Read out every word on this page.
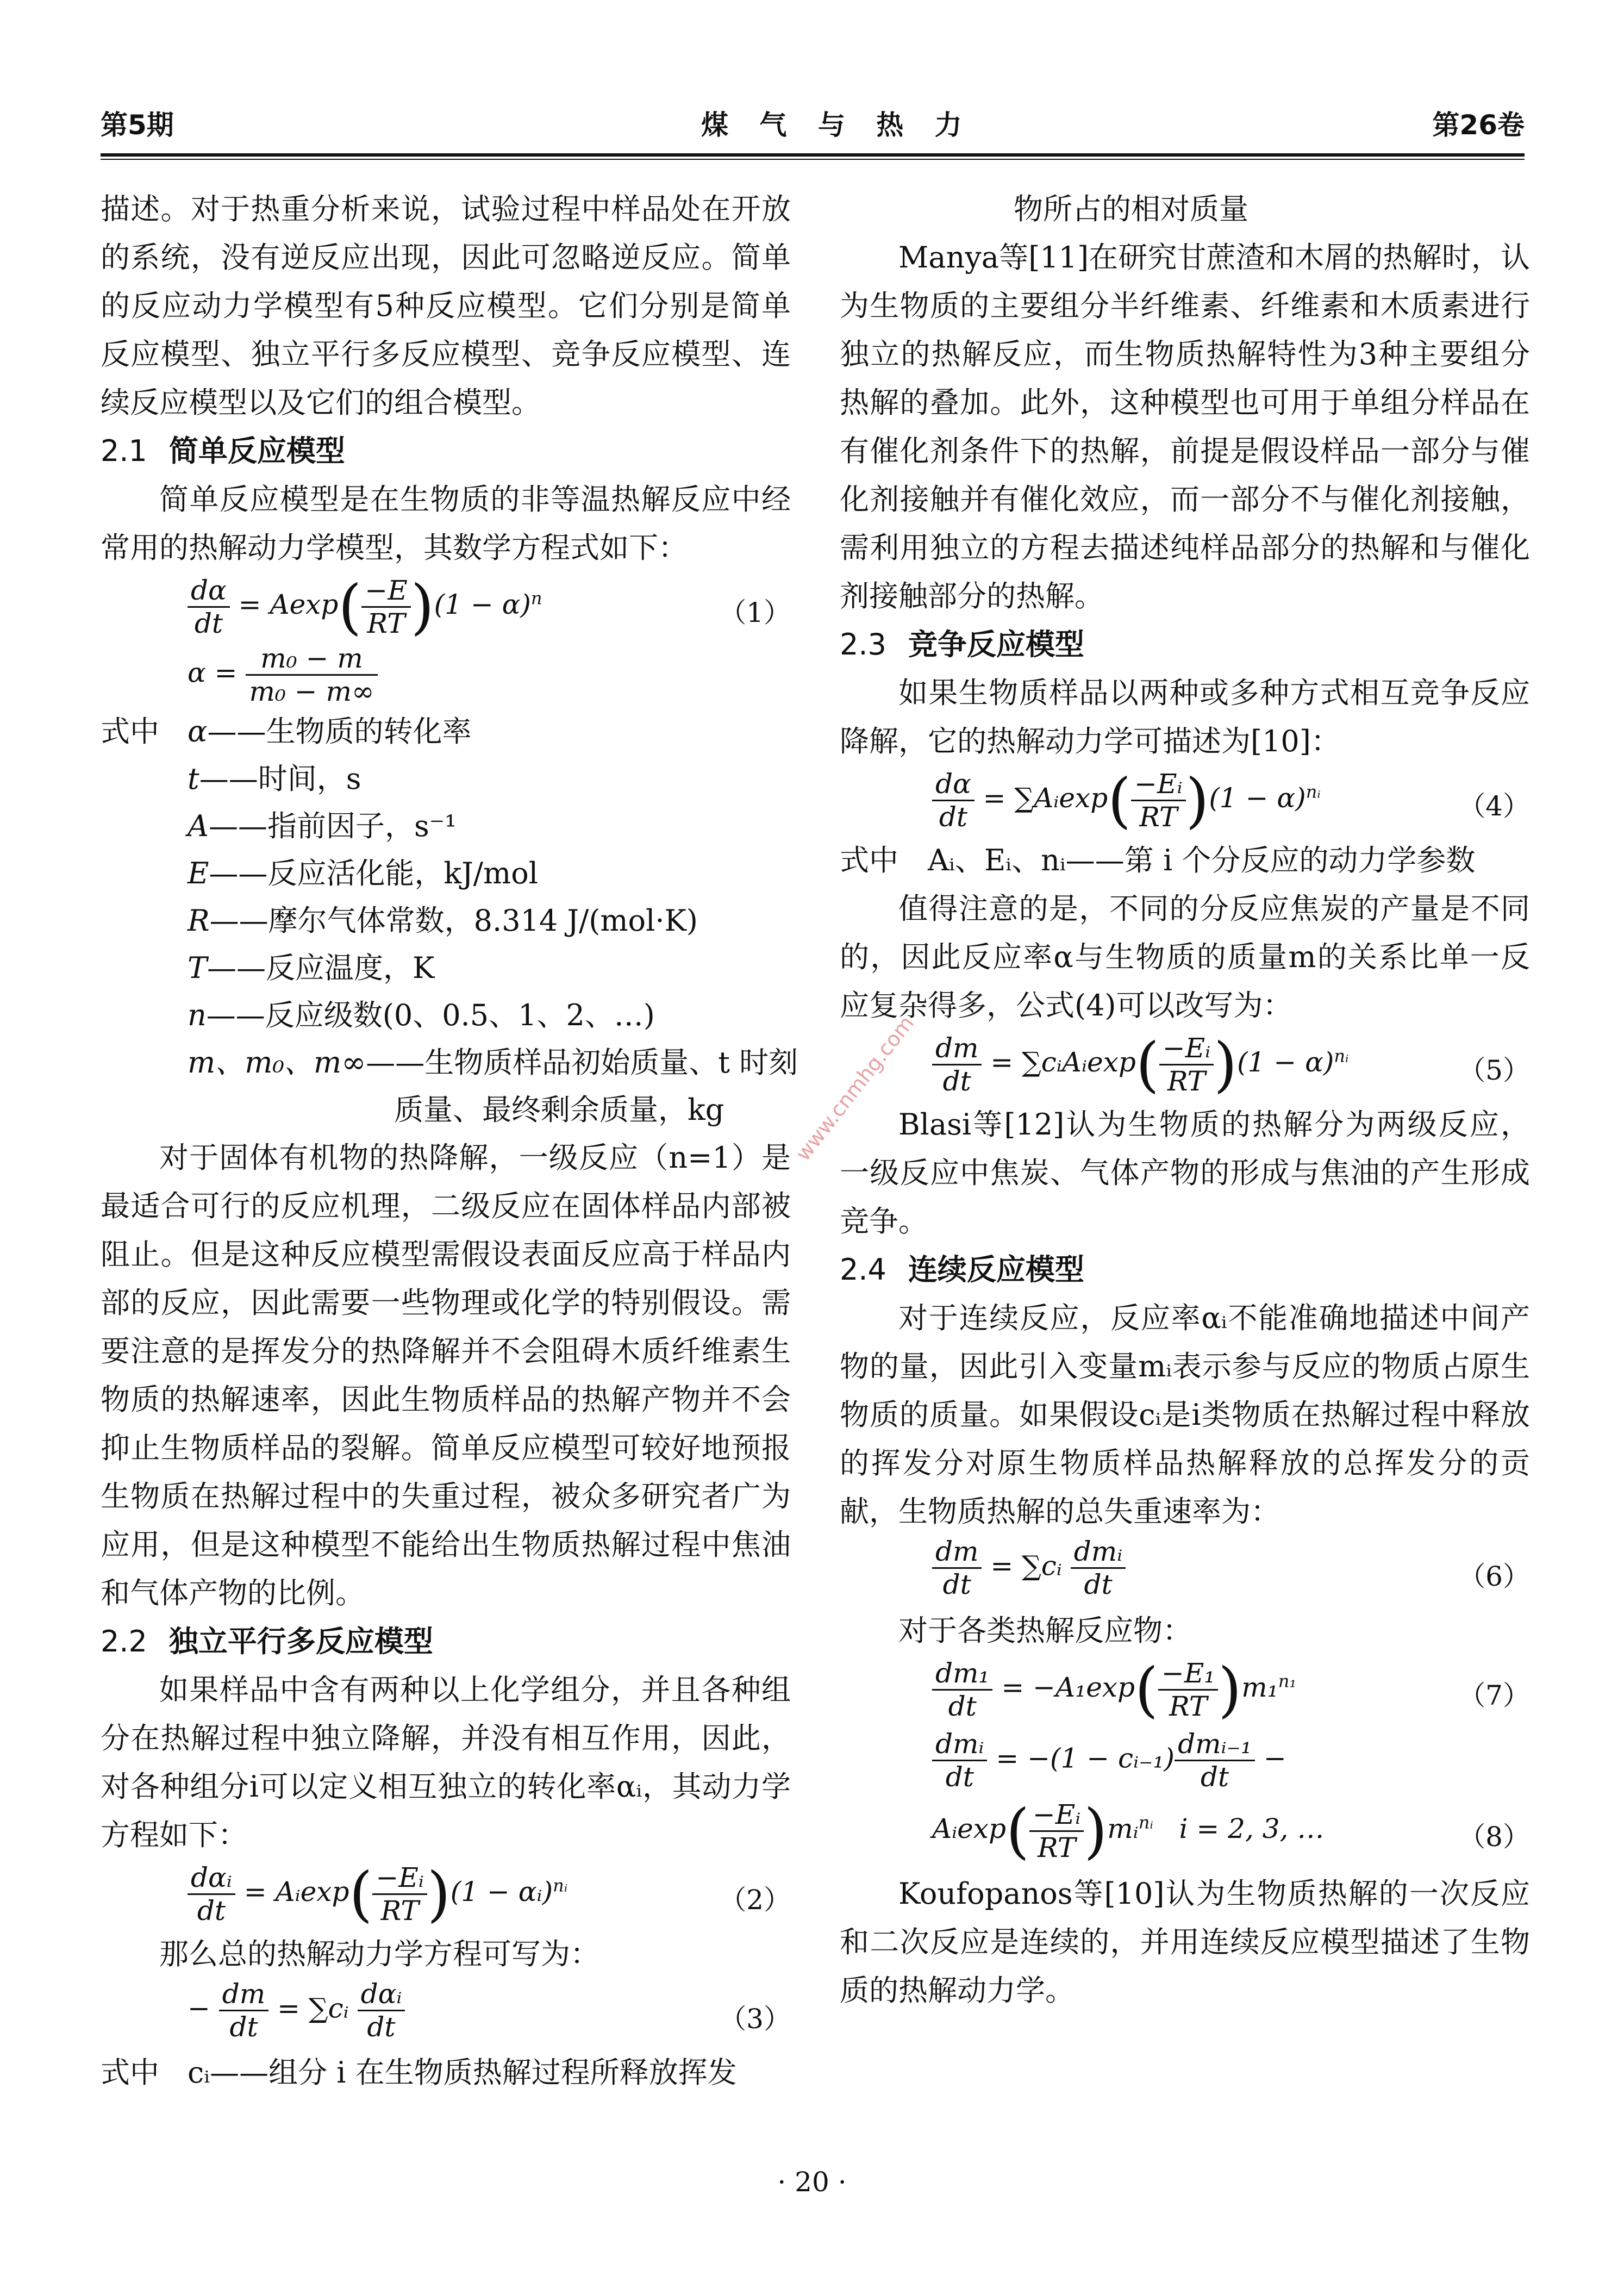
第5期	煤 气 与 热 力	第26卷
www.cnmhg.com

描述。对于热重分析来说，试验过程中样品处在开放的系统，没有逆反应出现，因此可忽略逆反应。简单的反应动力学模型有5种反应模型。它们分别是简单反应模型、独立平行多反应模型、竞争反应模型、连续反应模型以及它们的组合模型。

2.1 简单反应模型

简单反应模型是在生物质的非等温热解反应中经常用的热解动力学模型，其数学方程式如下：

$\frac{d\alpha}{dt} = Aexp( \frac{-E}{RT} )(1 - \alpha)^n$	（1）
$\alpha = \frac{\text{m₀ − m}}{\text{m₀ − m∞}}$
式中 α——生物质的转化率
t——时间，s
A——指前因子，s⁻¹
E——反应活化能，kJ/mol
R——摩尔气体常数，8.314 J/(mol·K)
T——反应温度，K
n——反应级数(0、0.5、1、2、…)
m、m₀、m∞——生物质样品初始质量、t 时刻
质量、最终剩余质量，kg

对于固体有机物的热降解，一级反应（n=1）是最适合可行的反应机理，二级反应在固体样品内部被阻止。但是这种反应模型需假设表面反应高于样品内部的反应，因此需要一些物理或化学的特别假设。需要注意的是挥发分的热降解并不会阻碍木质纤维素生物质的热解速率，因此生物质样品的热解产物并不会抑止生物质样品的裂解。简单反应模型可较好地预报生物质在热解过程中的失重过程，被众多研究者广为应用，但是这种模型不能给出生物质热解过程中焦油和气体产物的比例。

2.2 独立平行多反应模型

如果样品中含有两种以上化学组分，并且各种组分在热解过程中独立降解，并没有相互作用，因此，对各种组分i可以定义相互独立的转化率αᵢ，其动力学方程如下：

$\frac{\text{dαᵢ}}{dt}$ = Aᵢexp( $\frac{\text{−Eᵢ}}{RT} )(1$ − αᵢ)$^{nᵢ}$	（2）

那么总的热解动力学方程可写为：

− $\frac{dm}{dt}$ = ∑cᵢ $\frac{\text{dαᵢ}}{dt}$	（3）
式中 cᵢ——组分 i 在生物质热解过程所释放挥发

物所占的相对质量

Manya等[11]在研究甘蔗渣和木屑的热解时，认为生物质的主要组分半纤维素、纤维素和木质素进行独立的热解反应，而生物质热解特性为3种主要组分热解的叠加。此外，这种模型也可用于单组分样品在有催化剂条件下的热解，前提是假设样品一部分与催化剂接触并有催化效应，而一部分不与催化剂接触，需利用独立的方程去描述纯样品部分的热解和与催化剂接触部分的热解。

2.3 竞争反应模型

如果生物质样品以两种或多种方式相互竞争反应降解，它的热解动力学可描述为[10]：

$\frac{d\alpha}{dt}$ = ∑Aᵢexp( $\frac{\text{−Eᵢ}}{RT} )(1 - \alpha)^{nᵢ}$	（4）

式中　Aᵢ、Eᵢ、nᵢ——第 i 个分反应的动力学参数

值得注意的是，不同的分反应焦炭的产量是不同的，因此反应率α与生物质的质量m的关系比单一反应复杂得多，公式(4)可以改写为：

$\frac{dm}{dt}$ = ∑cᵢAᵢexp( $\frac{\text{−Eᵢ}}{RT} )(1 - \alpha)^{nᵢ}$	（5）

Blasi等[12]认为生物质的热解分为两级反应，一级反应中焦炭、气体产物的形成与焦油的产生形成竞争。

2.4 连续反应模型

对于连续反应，反应率αᵢ不能准确地描述中间产物的量，因此引入变量mᵢ表示参与反应的物质占原生物质的质量。如果假设cᵢ是i类物质在热解过程中释放的挥发分对原生物质样品热解释放的总挥发分的贡献，生物质热解的总失重速率为：

$\frac{dm}{dt}$ = ∑cᵢ $\frac{\text{dmᵢ}}{dt}$	（6）

对于各类热解反应物：

$\frac{\text{dm₁}}{dt} = -A_1\exp( \frac{\text{−E₁}}{RT} )m_1^{n_1}$	（7）
$\frac{\text{dmᵢ}}{dt} = -(1$ − cᵢ₋₁) $\frac{\text{dmᵢ₋₁}}{dt}$ −
Aᵢexp( $\frac{\text{−Eᵢ}}{RT}$ )mᵢ$^{nᵢ}$   i = 2, 3, …	（8）

Koufopanos等[10]认为生物质热解的一次反应和二次反应是连续的，并用连续反应模型描述了生物质的热解动力学。

· 20 ·
